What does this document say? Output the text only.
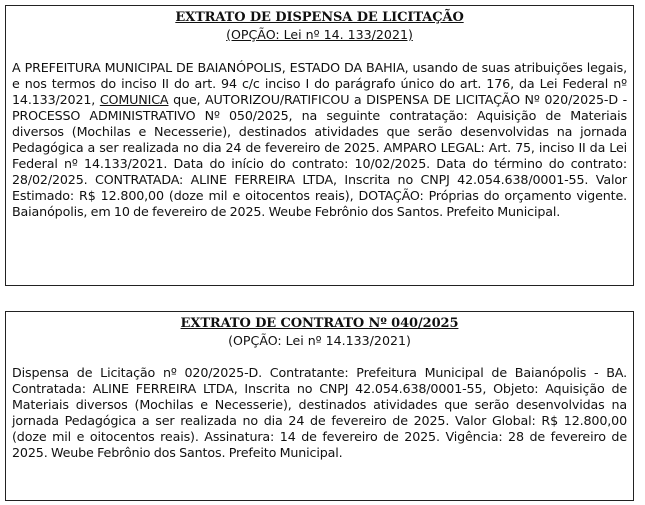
EXTRATO DE DISPENSA DE LICITAÇÃO
(OPÇÃO: Lei nº 14. 133/2021)
A PREFEITURA MUNICIPAL DE BAIANÓPOLIS, ESTADO DA BAHIA, usando de suas atribuições legais, e nos termos do inciso II do art. 94 c/c inciso I do parágrafo único do art. 176, da Lei Federal nº 14.133/2021, COMUNICA que, AUTORIZOU/RATIFICOU a DISPENSA DE LICITAÇÃO Nº 020/2025-D - PROCESSO ADMINISTRATIVO Nº 050/2025, na seguinte contratação: Aquisição de Materiais diversos (Mochilas e Necesserie), destinados atividades que serão desenvolvidas na jornada Pedagógica a ser realizada no dia 24 de fevereiro de 2025. AMPARO LEGAL: Art. 75, inciso II da Lei Federal nº 14.133/2021. Data do início do contrato: 10/02/2025. Data do término do contrato: 28/02/2025. CONTRATADA: ALINE FERREIRA LTDA, Inscrita no CNPJ 42.054.638/0001-55. Valor Estimado: R$ 12.800,00 (doze mil e oitocentos reais), DOTAÇÃO: Próprias do orçamento vigente. Baianópolis, em 10 de fevereiro de 2025. Weube Febrônio dos Santos. Prefeito Municipal.
EXTRATO DE CONTRATO Nº 040/2025
(OPÇÃO: Lei nº 14.133/2021)
Dispensa de Licitação nº 020/2025-D. Contratante: Prefeitura Municipal de Baianópolis - BA. Contratada: ALINE FERREIRA LTDA, Inscrita no CNPJ 42.054.638/0001-55, Objeto: Aquisição de Materiais diversos (Mochilas e Necesserie), destinados atividades que serão desenvolvidas na jornada Pedagógica a ser realizada no dia 24 de fevereiro de 2025. Valor Global: R$ 12.800,00 (doze mil e oitocentos reais). Assinatura: 14 de fevereiro de 2025. Vigência: 28 de fevereiro de 2025. Weube Febrônio dos Santos. Prefeito Municipal.
